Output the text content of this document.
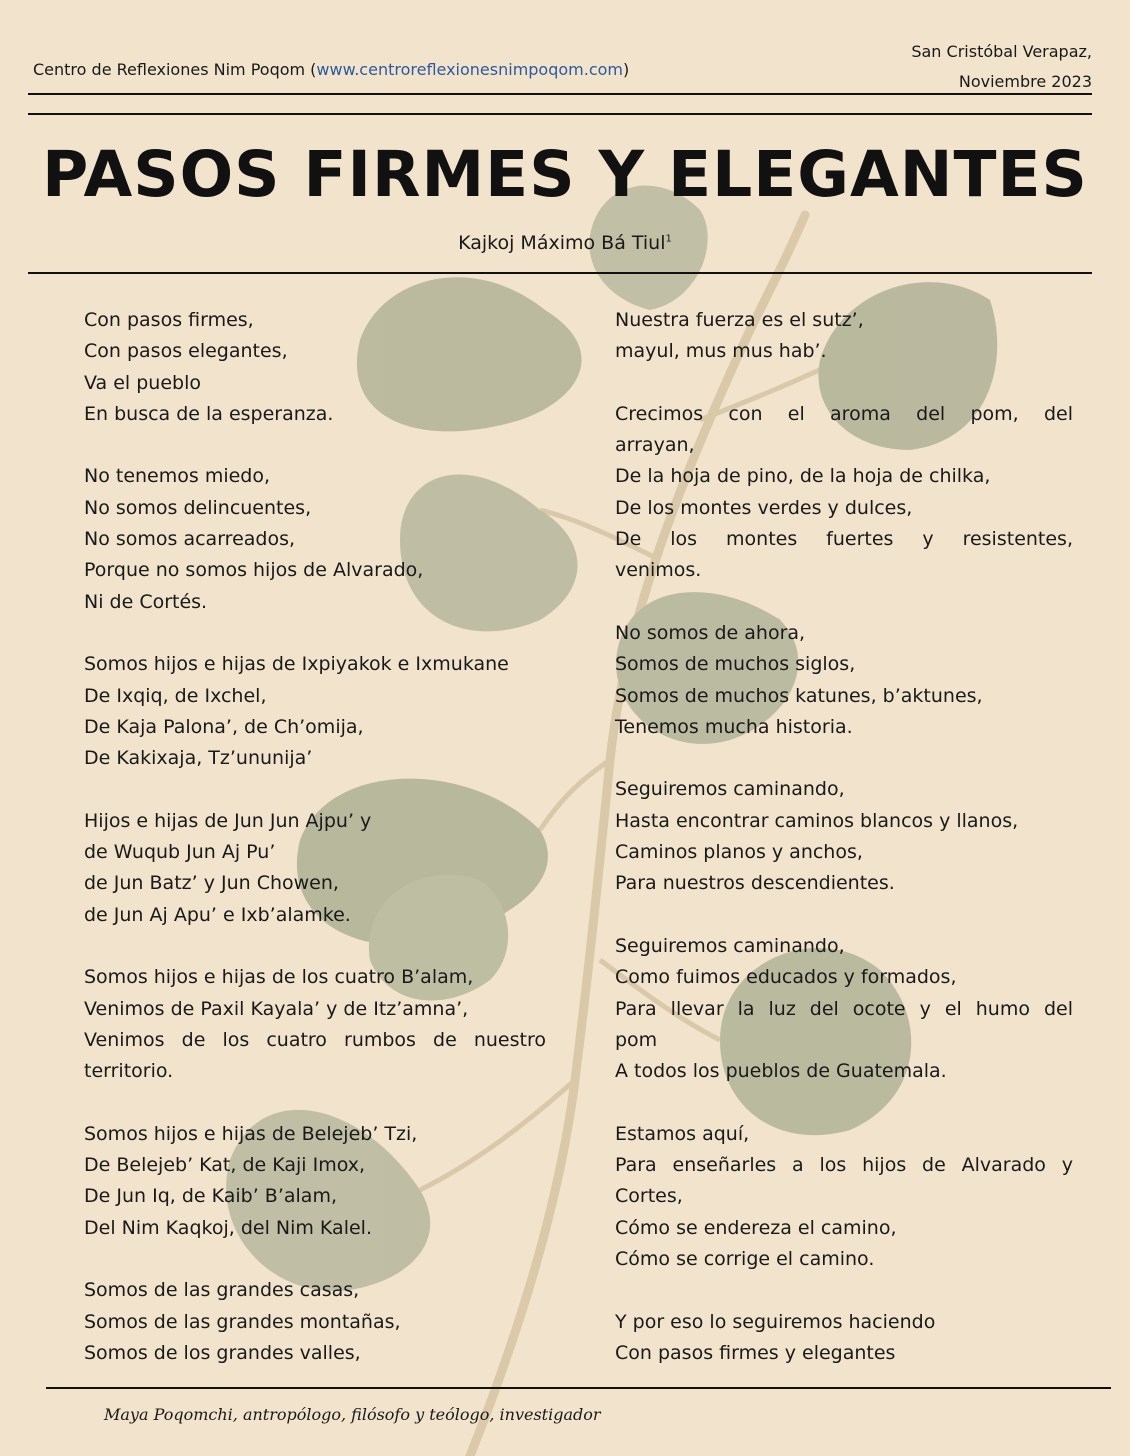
Centro de Reflexiones Nim Poqom (www.centroreflexionesnimpoqom.com)
San Cristóbal Verapaz,
Noviembre 2023
PASOS FIRMES Y ELEGANTES
Kajkoj Máximo Bá Tiul$^1$
Con pasos firmes,
Con pasos elegantes,
Va el pueblo
En busca de la esperanza.
No tenemos miedo,
No somos delincuentes,
No somos acarreados,
Porque no somos hijos de Alvarado,
Ni de Cortés.
Somos hijos e hijas de Ixpiyakok e Ixmukane
De Ixqiq, de Ixchel,
De Kaja Palona’, de Ch’omija,
De Kakixaja, Tz’ununija’
Hijos e hijas de Jun Jun Ajpu’ y
de Wuqub Jun Aj Pu’
de Jun Batz’ y Jun Chowen,
de Jun Aj Apu’ e Ixb’alamke.
Somos hijos e hijas de los cuatro B’alam,
Venimos de Paxil Kayala’ y de Itz’amna’,
Venimos de los cuatro rumbos de nuestro
territorio.
Somos hijos e hijas de Belejeb’ Tzi,
De Belejeb’ Kat, de Kaji Imox,
De Jun Iq, de Kaib’ B’alam,
Del Nim Kaqkoj, del Nim Kalel.
Somos de las grandes casas,
Somos de las grandes montañas,
Somos de los grandes valles,
Nuestra fuerza es el sutz’,
mayul, mus mus hab’.
Crecimos con el aroma del pom, del
arrayan,
De la hoja de pino, de la hoja de chilka,
De los montes verdes y dulces,
De los montes fuertes y resistentes,
venimos.
No somos de ahora,
Somos de muchos siglos,
Somos de muchos katunes, b’aktunes,
Tenemos mucha historia.
Seguiremos caminando,
Hasta encontrar caminos blancos y llanos,
Caminos planos y anchos,
Para nuestros descendientes.
Seguiremos caminando,
Como fuimos educados y formados,
Para llevar la luz del ocote y el humo del
pom
A todos los pueblos de Guatemala.
Estamos aquí,
Para enseñarles a los hijos de Alvarado y
Cortes,
Cómo se endereza el camino,
Cómo se corrige el camino.
Y por eso lo seguiremos haciendo
Con pasos firmes y elegantes
Maya Poqomchi, antropólogo, filósofo y teólogo, investigador
